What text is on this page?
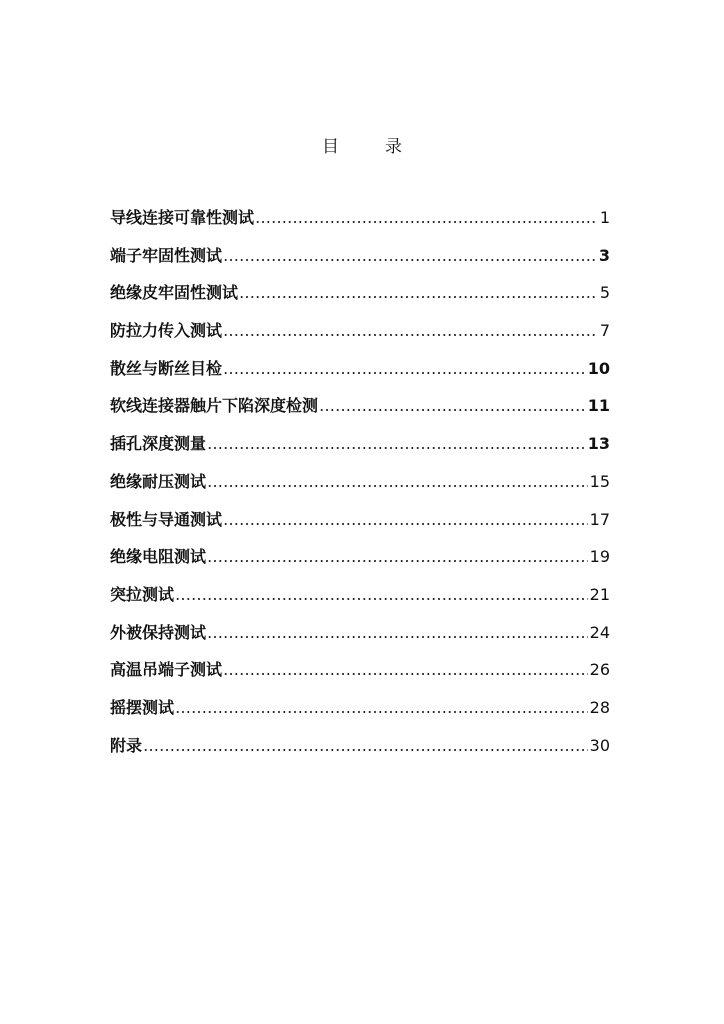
目	录
导线连接可靠性测试 …………………………………………………………………………………………………………………………	1
端子牢固性测试 …………………………………………………………………………………………………………………………	3
绝缘皮牢固性测试 …………………………………………………………………………………………………………………………	5
防拉力传入测试 …………………………………………………………………………………………………………………………	7
散丝与断丝目检 …………………………………………………………………………………………………………………………	10
软线连接器触片下陷深度检测 …………………………………………………………………………………………………………………………	11
插孔深度测量 …………………………………………………………………………………………………………………………	13
绝缘耐压测试 …………………………………………………………………………………………………………………………	15
极性与导通测试 …………………………………………………………………………………………………………………………	17
绝缘电阻测试 …………………………………………………………………………………………………………………………	19
突拉测试 …………………………………………………………………………………………………………………………	21
外被保持测试 …………………………………………………………………………………………………………………………	24
高温吊端子测试 …………………………………………………………………………………………………………………………	26
摇摆测试 …………………………………………………………………………………………………………………………	28
附录 …………………………………………………………………………………………………………………………	30
